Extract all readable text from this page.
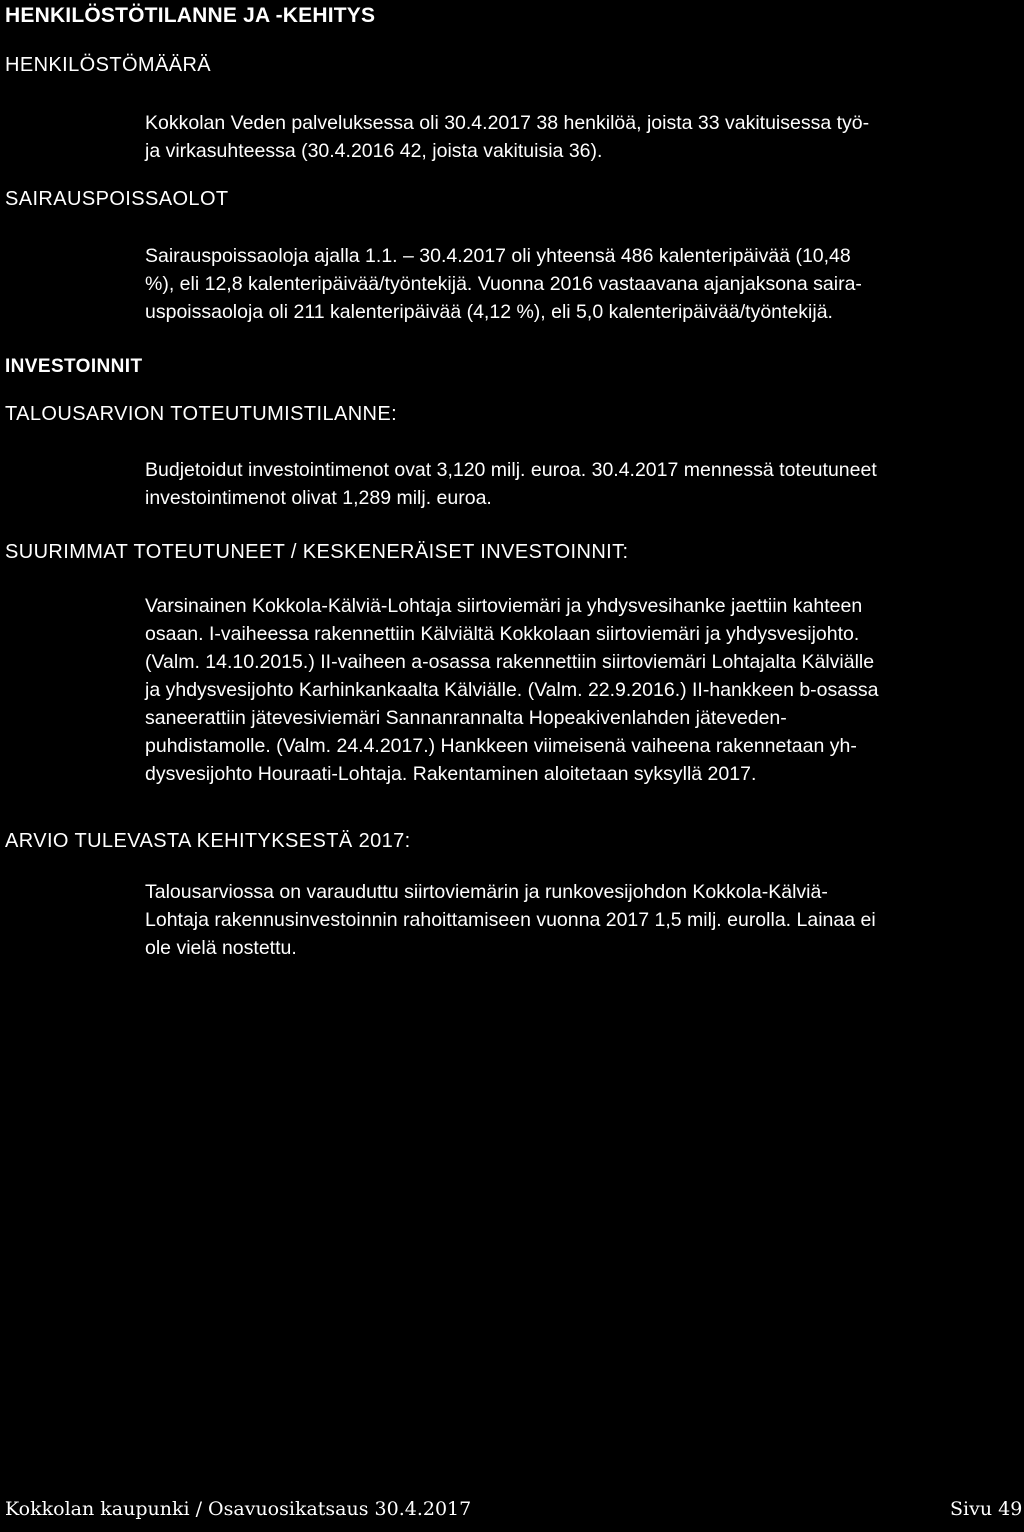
HENKILÖSTÖTILANNE JA -KEHITYS
HENKILÖSTÖMÄÄRÄ
Kokkolan Veden palveluksessa oli 30.4.2017 38 henkilöä, joista 33 vakituisessa työ-
ja virkasuhteessa (30.4.2016 42, joista vakituisia 36).
SAIRAUSPOISSAOLOT
Sairauspoissaoloja ajalla 1.1. – 30.4.2017 oli yhteensä 486 kalenteripäivää (10,48
%), eli 12,8 kalenteripäivää/työntekijä. Vuonna 2016 vastaavana ajanjaksona saira-
uspoissaoloja oli 211 kalenteripäivää (4,12 %), eli 5,0 kalenteripäivää/työntekijä.
INVESTOINNIT
TALOUSARVION TOTEUTUMISTILANNE:
Budjetoidut investointimenot ovat 3,120 milj. euroa. 30.4.2017 mennessä toteutuneet
investointimenot olivat 1,289 milj. euroa.
SUURIMMAT TOTEUTUNEET / KESKENERÄISET INVESTOINNIT:
Varsinainen Kokkola-Kälviä-Lohtaja siirtoviemäri ja yhdysvesihanke jaettiin kahteen
osaan. I-vaiheessa rakennettiin Kälviältä Kokkolaan siirtoviemäri ja yhdysvesijohto.
(Valm. 14.10.2015.) II-vaiheen a-osassa rakennettiin siirtoviemäri Lohtajalta Kälviälle
ja yhdysvesijohto Karhinkankaalta Kälviälle. (Valm. 22.9.2016.) II-hankkeen b-osassa
saneerattiin jätevesiviemäri Sannanrannalta Hopeakivenlahden jäteveden-
puhdistamolle. (Valm. 24.4.2017.) Hankkeen viimeisenä vaiheena rakennetaan yh-
dysvesijohto Houraati-Lohtaja. Rakentaminen aloitetaan syksyllä 2017.
ARVIO TULEVASTA KEHITYKSESTÄ 2017:
Talousarviossa on varauduttu siirtoviemärin ja runkovesijohdon Kokkola-Kälviä-
Lohtaja rakennusinvestoinnin rahoittamiseen vuonna 2017 1,5 milj. eurolla. Lainaa ei
ole vielä nostettu.
Kokkolan kaupunki / Osavuosikatsaus 30.4.2017	Sivu 49
